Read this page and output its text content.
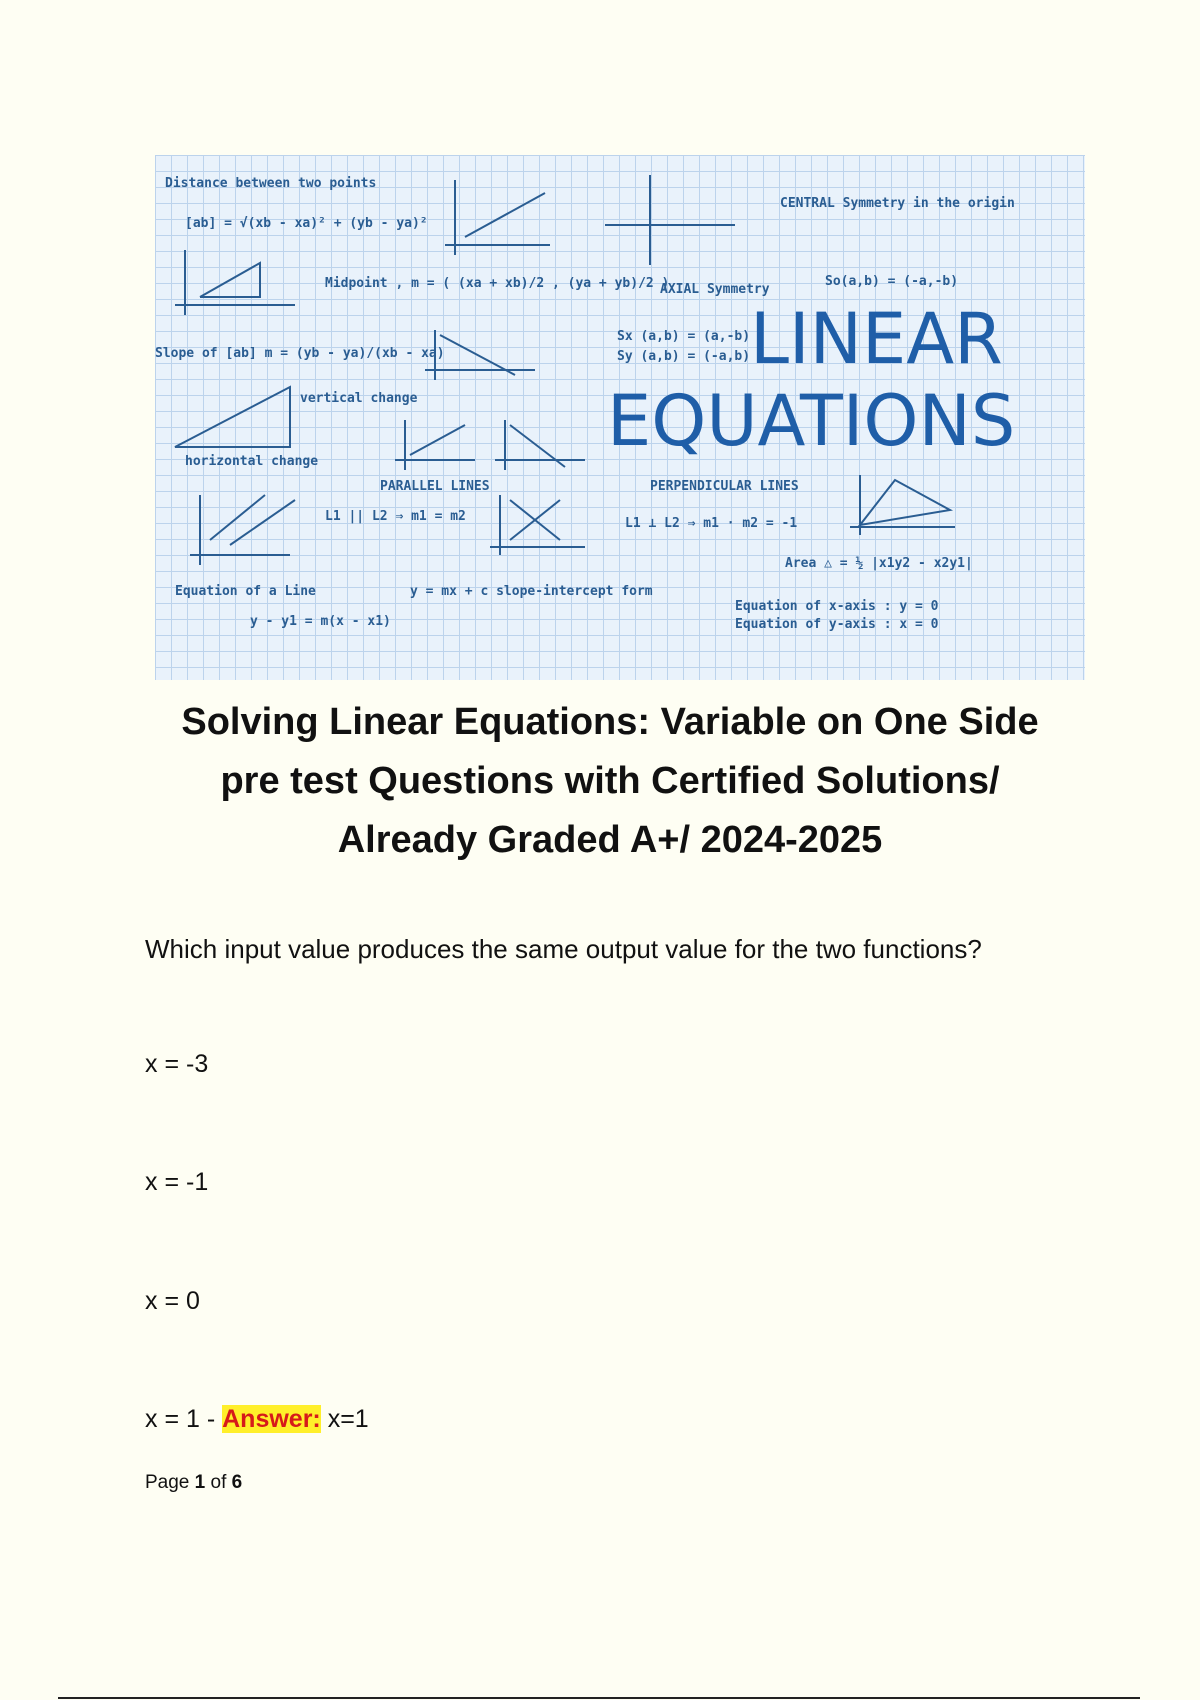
Distance between two points
[ab] = √(xb - xa)² + (yb - ya)²
Midpoint , m = ( (xa + xb)/2 , (ya + yb)/2 )
CENTRAL Symmetry in the origin
So(a,b) = (-a,-b)
AXIAL Symmetry
Sx (a,b) = (a,-b)
Sy (a,b) = (-a,b)
Slope of [ab] m = (yb - ya)/(xb - xa)
vertical change
horizontal change
LINEAR
EQUATIONS
PARALLEL LINES
L1 || L2 ⇒ m1 = m2
PERPENDICULAR LINES
L1 ⊥ L2 ⇒ m1 · m2 = -1
Area △ = ½ |x1y2 - x2y1|
Equation of a Line
y - y1 = m(x - x1)
y = mx + c slope-intercept form
Equation of x-axis : y = 0
Equation of y-axis : x = 0
Solving Linear Equations: Variable on One Side
pre test Questions with Certified Solutions/
Already Graded A+/ 2024-2025
Which input value produces the same output value for the two functions?
x = -3
x = -1
x = 0
x = 1 - Answer: x=1
Page 1 of 6
